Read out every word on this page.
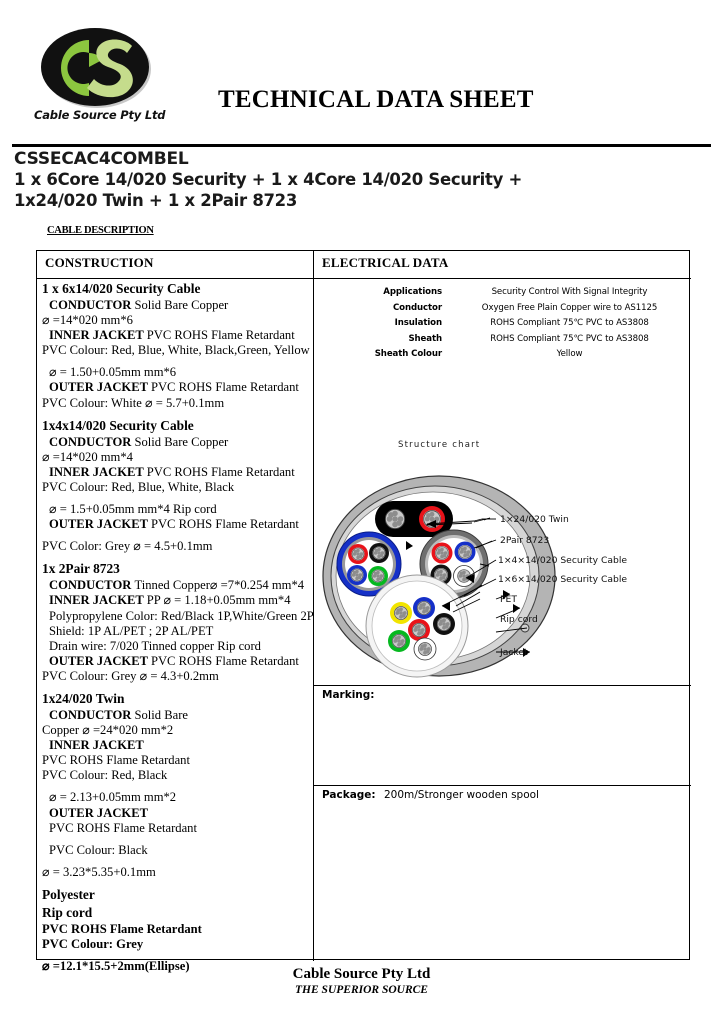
Cable Source Pty Ltd
TECHNICAL DATA SHEET
CSSECAC4COMBEL
1 x 6Core 14/020 Security + 1 x 4Core 14/020 Security +
1x24/020 Twin + 1 x 2Pair 8723
CABLE DESCRIPTION
CONSTRUCTION	ELECTRICAL DATA
1 x 6x14/020 Security Cable
CONDUCTOR Solid Bare Copper
⌀ =14*020 mm*6
INNER JACKET PVC ROHS Flame Retardant
PVC Colour: Red, Blue, White, Black,Green, Yellow
⌀ = 1.50+0.05mm mm*6
OUTER JACKET PVC ROHS Flame Retardant
PVC Colour: White ⌀ = 5.7+0.1mm
1x4x14/020 Security Cable
CONDUCTOR Solid Bare Copper
⌀ =14*020 mm*4
INNER JACKET PVC ROHS Flame Retardant
PVC Colour: Red, Blue, White, Black
⌀ = 1.5+0.05mm mm*4 Rip cord
OUTER JACKET PVC ROHS Flame Retardant
PVC Color: Grey ⌀ = 4.5+0.1mm
1x 2Pair 8723
CONDUCTOR Tinned Copper⌀ =7*0.254 mm*4
INNER JACKET PP ⌀ = 1.18+0.05mm mm*4
Polypropylene Color: Red/Black 1P,White/Green 2P
Shield: 1P AL/PET ; 2P AL/PET
Drain wire: 7/020 Tinned copper Rip cord
OUTER JACKET PVC ROHS Flame Retardant
PVC Colour: Grey ⌀ = 4.3+0.2mm
1x24/020 Twin
CONDUCTOR Solid Bare
Copper ⌀ =24*020 mm*2
INNER JACKET
PVC ROHS Flame Retardant
PVC Colour: Red, Black
⌀ = 2.13+0.05mm mm*2
OUTER JACKET
PVC ROHS Flame Retardant
PVC Colour: Black
⌀ = 3.23*5.35+0.1mm
Polyester
Rip cord
PVC ROHS Flame Retardant
PVC Colour: Grey
⌀ =12.1*15.5+2mm(Ellipse)
Applications	Security Control With Signal Integrity
Conductor	Oxygen Free Plain Copper wire to AS1125
Insulation	ROHS Compliant 75℃ PVC to AS3808
Sheath	ROHS Compliant 75℃ PVC to AS3808
Sheath Colour	Yellow
Structure chart
1×24/020 Twin
2Pair 8723
1×4×14/020 Security Cable
1×6×14/020 Security Cable
PET
Rip cord
Jacket
Marking:
Package: 200m/Stronger wooden spool
Cable Source Pty Ltd
THE SUPERIOR SOURCE
